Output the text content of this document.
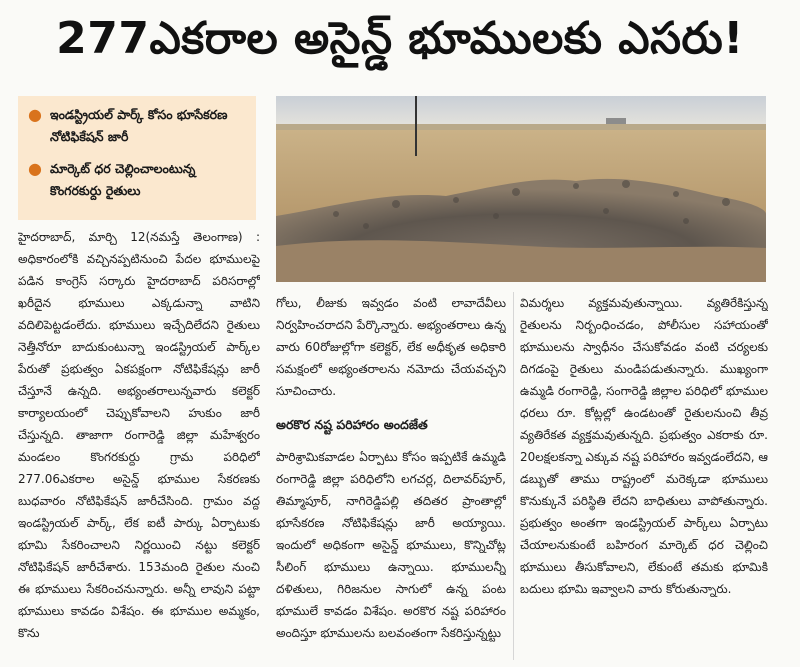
277ఎకరాల అసైన్డ్ భూములకు ఎసరు!
● ఇండస్ట్రియల్ పార్క్ కోసం భూసేకరణ నోటిఫికేషన్ జారీ
● మార్కెట్ ధర చెల్లించాలంటున్న కొంగరకుర్దు రైతులు

హైదరాబాద్, మార్చి 12(నమస్తే తెలంగాణ) : అధికారంలోకి వచ్చినప్పటినుంచి పేదల భూములపై పడిన కాంగ్రెస్ సర్కారు హైదరాబాద్ పరిసరాల్లో ఖరీదైన భూములు ఎక్కడున్నా వాటిని వదిలిపెట్టడంలేదు. భూములు ఇచ్చేదిలేదని రైతులు నెత్తీనోరూ బాదుకుంటున్నా ఇండస్ట్రియల్ పార్క్‌ల పేరుతో ప్రభుత్వం ఏకపక్షంగా నోటిఫికేషన్లు జారీ చేస్తూనే ఉన్నది. అభ్యంతరాలున్నవారు కలెక్టర్ కార్యాలయంలో చెప్పుకోవాలని హుకుం జారీ చేస్తున్నది. తాజాగా రంగారెడ్డి జిల్లా మహేశ్వరం మండలం కొంగరకుర్దు గ్రామ పరిధిలో 277.06ఎకరాల అసైన్డ్ భూముల సేకరణకు బుధవారం నోటిఫికేషన్ జారీచేసింది. గ్రామం వద్ద ఇండస్ట్రియల్ పార్క్, లేక ఐటీ పార్కు ఏర్పాటుకు భూమి సేకరించాలని నిర్ణయించి నట్టు కలెక్టర్ నోటిఫికేషన్ జారీచేశారు. 153మంది రైతుల నుంచి ఈ భూములు సేకరించనున్నారు. అన్నీ లావుని పట్టా భూములు కావడం విశేషం. ఈ భూముల అమ్మకం, కొను

గోలు, లీజుకు ఇవ్వడం వంటి లావాదేవీలు నిర్వహించరాదని పేర్కొన్నారు. అభ్యంతరాలు ఉన్న వారు 60రోజుల్లోగా కలెక్టర్, లేక అధీకృత అధికారి సమక్షంలో అభ్యంతరాలను నమోదు చేయవచ్చని సూచించారు.

అరకొర నష్ట పరిహారం అందజేత

పారిశ్రామికవాడల ఏర్పాటు కోసం ఇప్పటికే ఉమ్మడి రంగారెడ్డి జిల్లా పరిధిలోని లగచర్ల, దిలావర్‌పూర్, తిమ్మాపూర్, నాగిరెడ్డిపల్లి తదితర ప్రాంతాల్లో భూసేకరణ నోటిఫికేషన్లు జారీ అయ్యాయి. ఇందులో అధికంగా అసైన్డ్ భూములు, కొన్నిచోట్ల సీలింగ్ భూములు ఉన్నాయి. భూములన్నీ దళితులు, గిరిజనుల సాగులో ఉన్న పంట భూములే కావడం విశేషం. అరకొర నష్ట పరిహారం అందిస్తూ భూములను బలవంతంగా సేకరిస్తున్నట్టు

విమర్శలు వ్యక్తమవుతున్నాయి. వ్యతిరేకిస్తున్న రైతులను నిర్బంధించడం, పోలీసుల సహాయంతో భూములను స్వాధీనం చేసుకోవడం వంటి చర్యలకు దిగడంపై రైతులు మండిపడుతున్నారు. ముఖ్యంగా ఉమ్మడి రంగారెడ్డి, సంగారెడ్డి జిల్లాల పరిధిలో భూముల ధరలు రూ. కోట్లల్లో ఉండటంతో రైతులనుంచి తీవ్ర వ్యతిరేకత వ్యక్తమవుతున్నది. ప్రభుత్వం ఎకరాకు రూ. 20లక్షలకన్నా ఎక్కువ నష్ట పరిహారం ఇవ్వడంలేదని, ఆ డబ్బుతో తాము రాష్ట్రంలో మరెక్కడా భూములు కొనుక్కునే పరిస్థితి లేదని బాధితులు వాపోతున్నారు. ప్రభుత్వం అంతగా ఇండస్ట్రియల్ పార్క్‌లు ఏర్పాటు చేయాలనుకుంటే బహిరంగ మార్కెట్ ధర చెల్లించి భూములు తీసుకోవాలని, లేకుంటే తమకు భూమికి బదులు భూమి ఇవ్వాలని వారు కోరుతున్నారు.
